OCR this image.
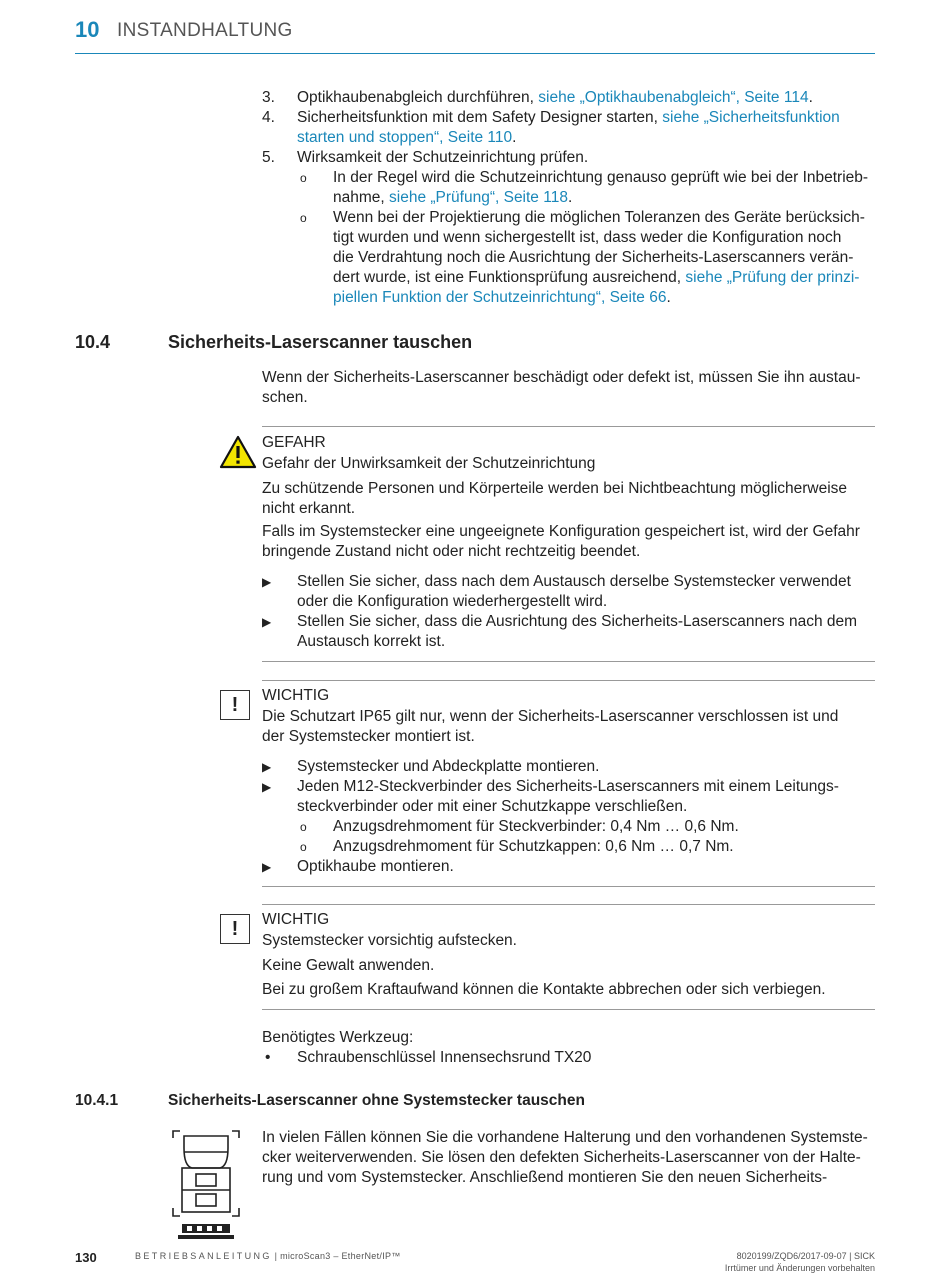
10 INSTANDHALTUNG
3. Optikhaubenabgleich durchführen, siehe „Optikhaubenabgleich“, Seite 114.
4. Sicherheitsfunktion mit dem Safety Designer starten, siehe „Sicherheitsfunktion
starten und stoppen“, Seite 110.
5. Wirksamkeit der Schutzeinrichtung prüfen.
o In der Regel wird die Schutzeinrichtung genauso geprüft wie bei der Inbetrieb-
nahme, siehe „Prüfung“, Seite 118.
o Wenn bei der Projektierung die möglichen Toleranzen des Geräte berücksich-
tigt wurden und wenn sichergestellt ist, dass weder die Konfiguration noch
die Verdrahtung noch die Ausrichtung der Sicherheits-Laserscanners verän-
dert wurde, ist eine Funktionsprüfung ausreichend, siehe „Prüfung der prinzi-
piellen Funktion der Schutzeinrichtung“, Seite 66.
10.4	Sicherheits-Laserscanner tauschen
Wenn der Sicherheits-Laserscanner beschädigt oder defekt ist, müssen Sie ihn austau-
schen.
GEFAHR
Gefahr der Unwirksamkeit der Schutzeinrichtung
Zu schützende Personen und Körperteile werden bei Nichtbeachtung möglicherweise
nicht erkannt.
Falls im Systemstecker eine ungeeignete Konfiguration gespeichert ist, wird der Gefahr
bringende Zustand nicht oder nicht rechtzeitig beendet.
▶ Stellen Sie sicher, dass nach dem Austausch derselbe Systemstecker verwendet
oder die Konfiguration wiederhergestellt wird.
▶ Stellen Sie sicher, dass die Ausrichtung des Sicherheits-Laserscanners nach dem
Austausch korrekt ist.
!	WICHTIG
Die Schutzart IP65 gilt nur, wenn der Sicherheits-Laserscanner verschlossen ist und
der Systemstecker montiert ist.
▶ Systemstecker und Abdeckplatte montieren.
▶ Jeden M12-Steckverbinder des Sicherheits-Laserscanners mit einem Leitungs-
steckverbinder oder mit einer Schutzkappe verschließen.
o Anzugsdrehmoment für Steckverbinder: 0,4 Nm … 0,6 Nm.
o Anzugsdrehmoment für Schutzkappen: 0,6 Nm … 0,7 Nm.
▶ Optikhaube montieren.
!	WICHTIG
Systemstecker vorsichtig aufstecken.
Keine Gewalt anwenden.
Bei zu großem Kraftaufwand können die Kontakte abbrechen oder sich verbiegen.
Benötigtes Werkzeug:
• Schraubenschlüssel Innensechsrund TX20
10.4.1	Sicherheits-Laserscanner ohne Systemstecker tauschen
In vielen Fällen können Sie die vorhandene Halterung und den vorhandenen Systemste-
cker weiterverwenden. Sie lösen den defekten Sicherheits-Laserscanner von der Halte-
rung und vom Systemstecker. Anschließend montieren Sie den neuen Sicherheits-
130	BETRIEBSANLEITUNG | microScan3 – EtherNet/IP™	8020199/ZQD6/2017-09-07 | SICK
Irrtümer und Änderungen vorbehalten
